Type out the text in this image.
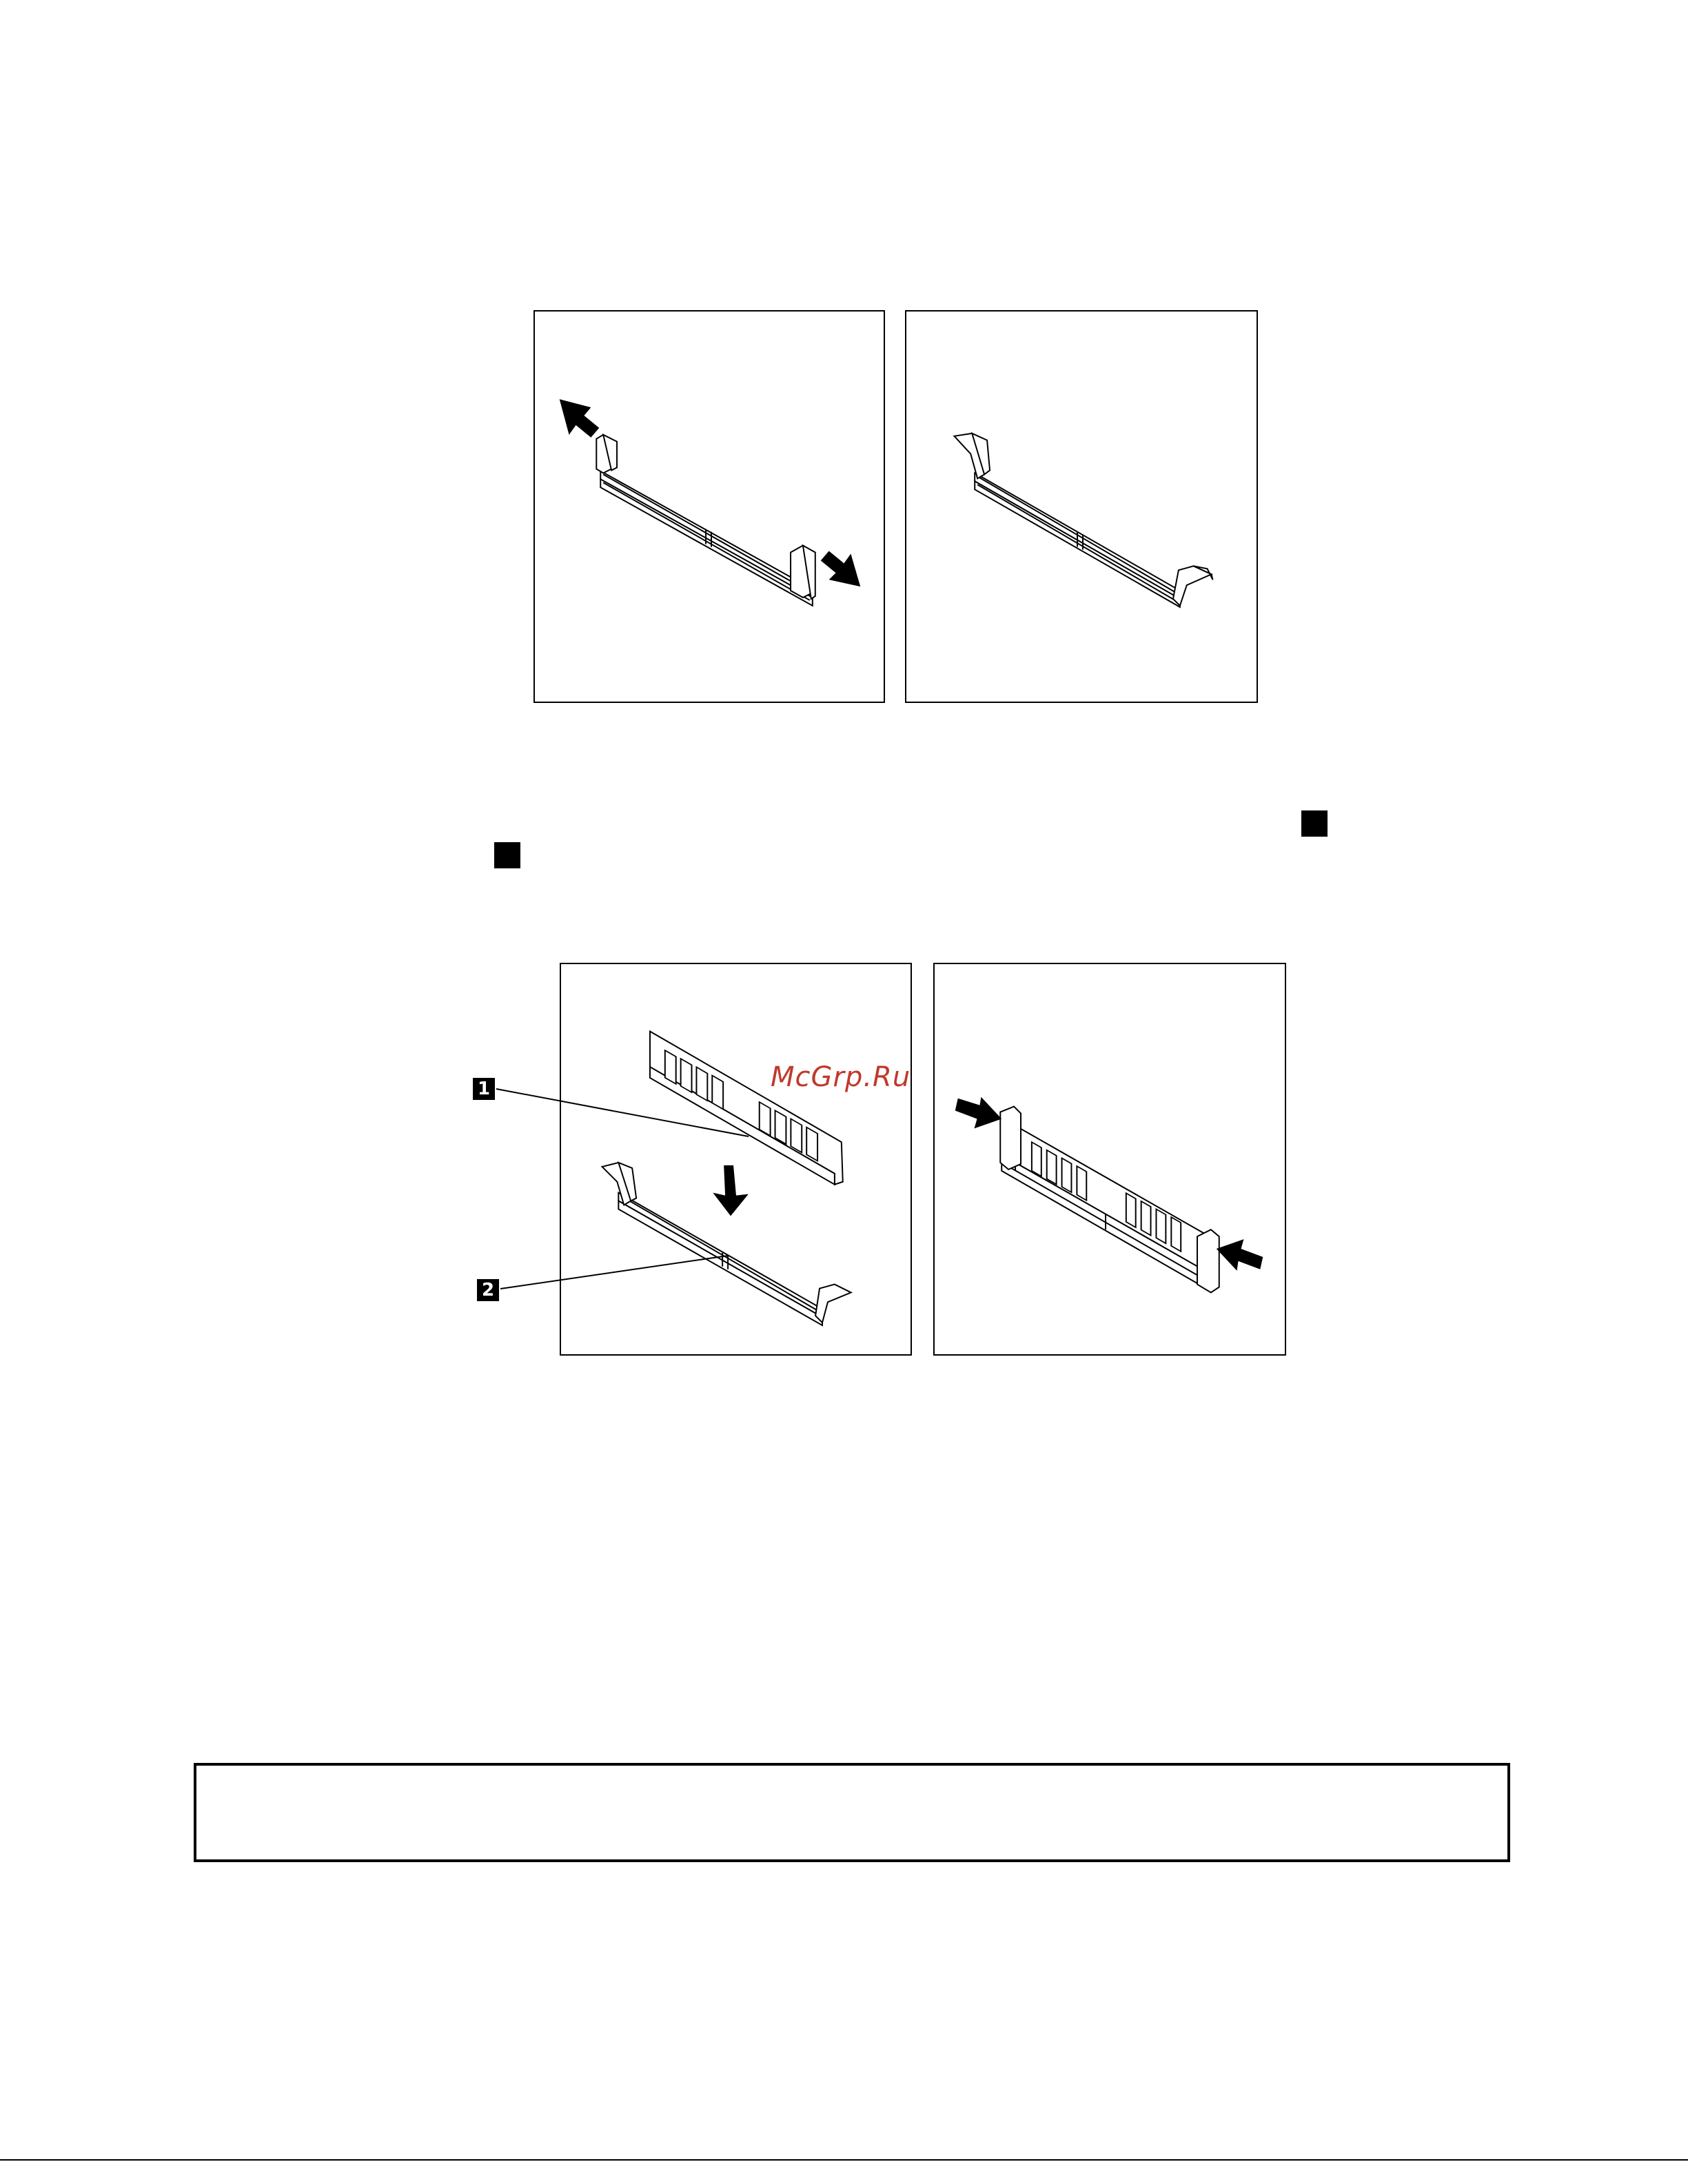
1
2
McGrp.Ru
